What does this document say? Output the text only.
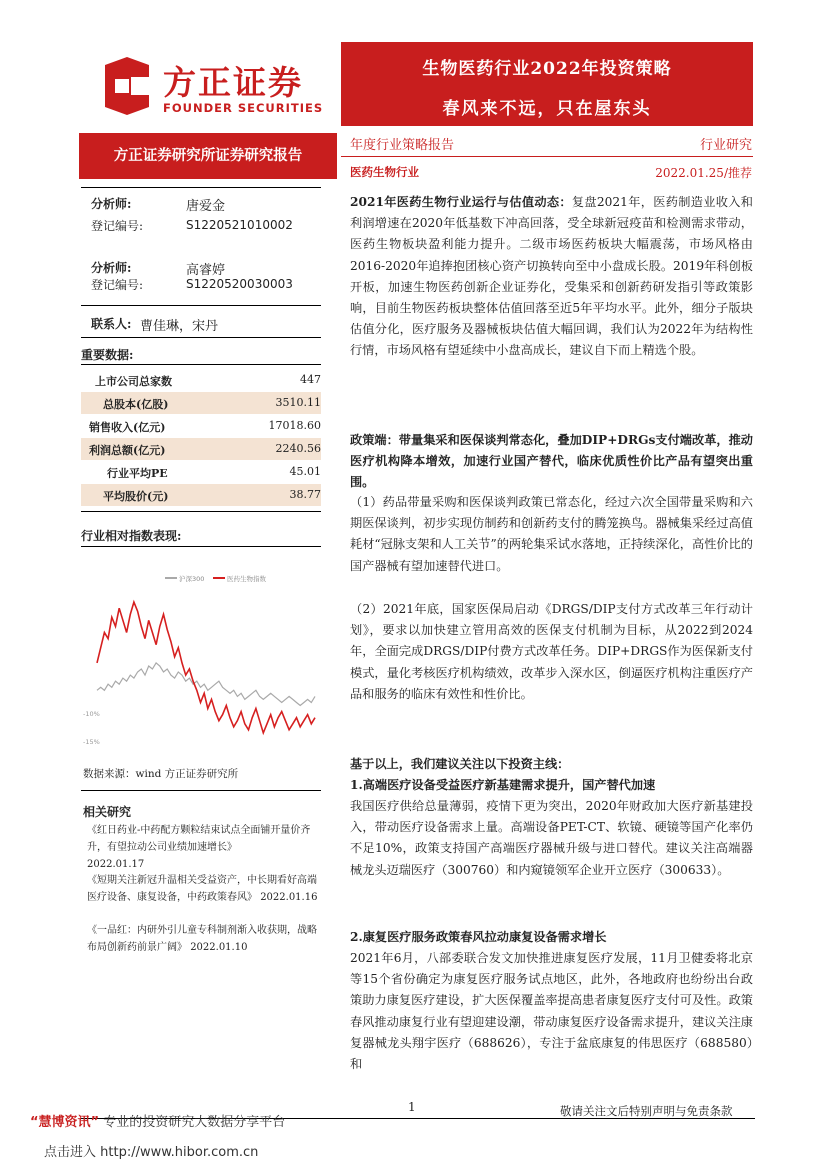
方正证券
FOUNDER SECURITIES
生物医药行业2022年投资策略
春风来不远，只在屋东头
方正证券研究所证券研究报告
年度行业策略报告	行业研究
医药生物行业	2022.01.25/推荐
分析师:	唐爱金
登记编号:	S1220521010002
分析师:	高睿婷
登记编号:	S1220520030003
联系人: 曹佳琳，宋丹
重要数据:
上市公司总家数	447
总股本(亿股)	3510.11
销售收入(亿元)	17018.60
利润总额(亿元)	2240.56
行业平均PE	45.01
平均股价(元)	38.77
行业相对指数表现:
沪深300	医药生物指数
-10%
-15%
数据来源：wind 方正证券研究所
相关研究
《红日药业-中药配方颗粒结束试点全面铺开量价齐升，有望拉动公司业绩加速增长》
2022.01.17
《短期关注新冠升温相关受益资产，中长期看好高端医疗设备、康复设备，中药政策春风》 2022.01.16
《一品红：内研外引儿童专科制剂渐入收获期，战略布局创新药前景广阔》 2022.01.10
2021年医药生物行业运行与估值动态：复盘2021年，医药制造业收入和利润增速在2020年低基数下冲高回落，受全球新冠疫苗和检测需求带动，医药生物板块盈利能力提升。二级市场医药板块大幅震荡，市场风格由2016-2020年追捧抱团核心资产切换转向至中小盘成长股。2019年科创板开板，加速生物医药创新企业证券化，受集采和创新药研发指引等政策影响，目前生物医药板块整体估值回落至近5年平均水平。此外，细分子版块估值分化，医疗服务及器械板块估值大幅回调，我们认为2022年为结构性行情，市场风格有望延续中小盘高成长，建议自下而上精选个股。
政策端：带量集采和医保谈判常态化，叠加DIP+DRGs支付端改革，推动医疗机构降本增效，加速行业国产替代，临床优质性价比产品有望突出重围。
（1）药品带量采购和医保谈判政策已常态化，经过六次全国带量采购和六期医保谈判，初步实现仿制药和创新药支付的腾笼换鸟。器械集采经过高值耗材“冠脉支架和人工关节”的两轮集采试水落地，正持续深化，高性价比的国产器械有望加速替代进口。
（2）2021年底，国家医保局启动《DRGS/DIP支付方式改革三年行动计划》，要求以加快建立管用高效的医保支付机制为目标，从2022到2024年，全面完成DRGS/DIP付费方式改革任务。DIP+DRGS作为医保新支付模式，量化考核医疗机构绩效，改革步入深水区，倒逼医疗机构注重医疗产品和服务的临床有效性和性价比。
基于以上，我们建议关注以下投资主线：
1.高端医疗设备受益医疗新基建需求提升，国产替代加速
我国医疗供给总量薄弱，疫情下更为突出，2020年财政加大医疗新基建投入，带动医疗设备需求上量。高端设备PET-CT、软镜、硬镜等国产化率仍不足10%，政策支持国产高端医疗器械升级与进口替代。建议关注高端器械龙头迈瑞医疗（300760）和内窥镜领军企业开立医疗（300633）。
2.康复医疗服务政策春风拉动康复设备需求增长
2021年6月，八部委联合发文加快推进康复医疗发展，11月卫健委将北京等15个省份确定为康复医疗服务试点地区，此外，各地政府也纷纷出台政策助力康复医疗建设，扩大医保覆盖率提高患者康复医疗支付可及性。政策春风推动康复行业有望迎建设潮，带动康复医疗设备需求提升，建议关注康复器械龙头翔宇医疗（688626），专注于盆底康复的伟思医疗（688580）和
1	敬请关注文后特别声明与免责条款
“慧博资讯” 专业的投资研究大数据分享平台
点击进入 http://www.hibor.com.cn
